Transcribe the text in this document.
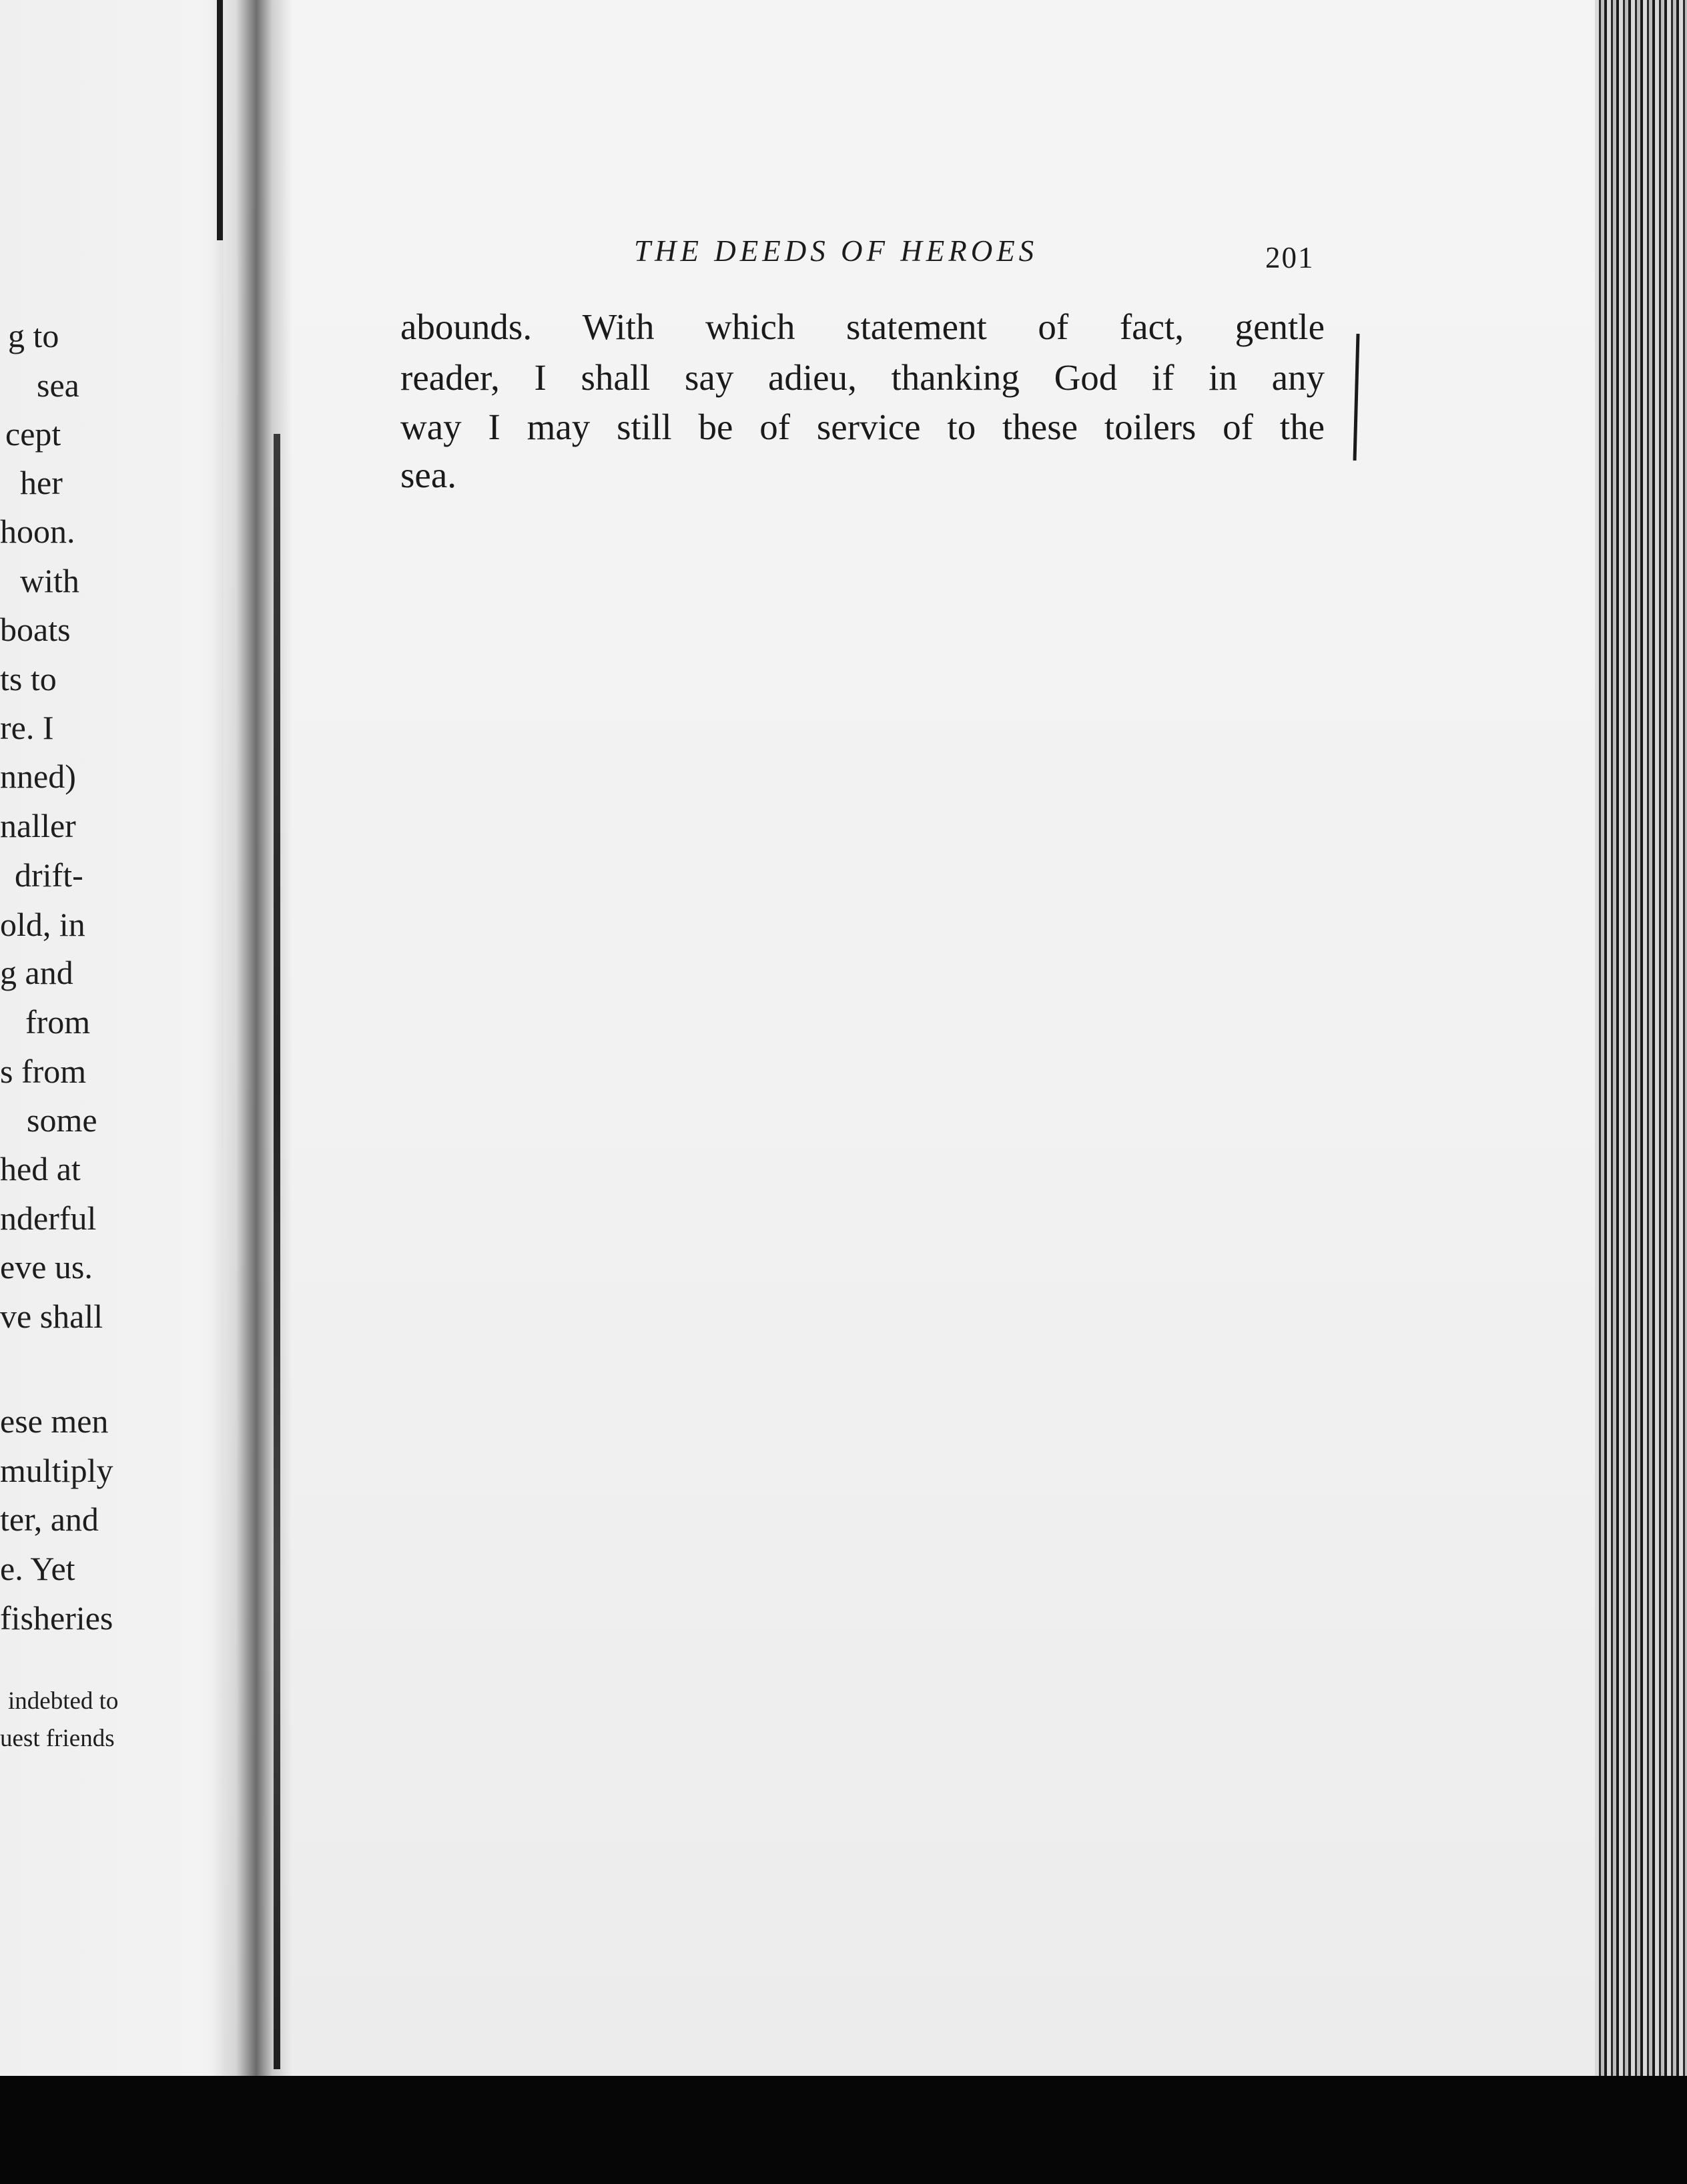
g to
sea
cept
her
hoon.
with
boats
ts to
re. I
nned)
naller
drift-
old, in
g and
from
s from
some
hed at
nderful
eve us.
ve shall
ese men
multiply
ter, and
e. Yet
fisheries
indebted to
uest friends
THE DEEDS OF HEROES	201
abounds. With which statement of fact, gentle
reader, I shall say adieu, thanking God if in any
way I may still be of service to these toilers of the
sea.
